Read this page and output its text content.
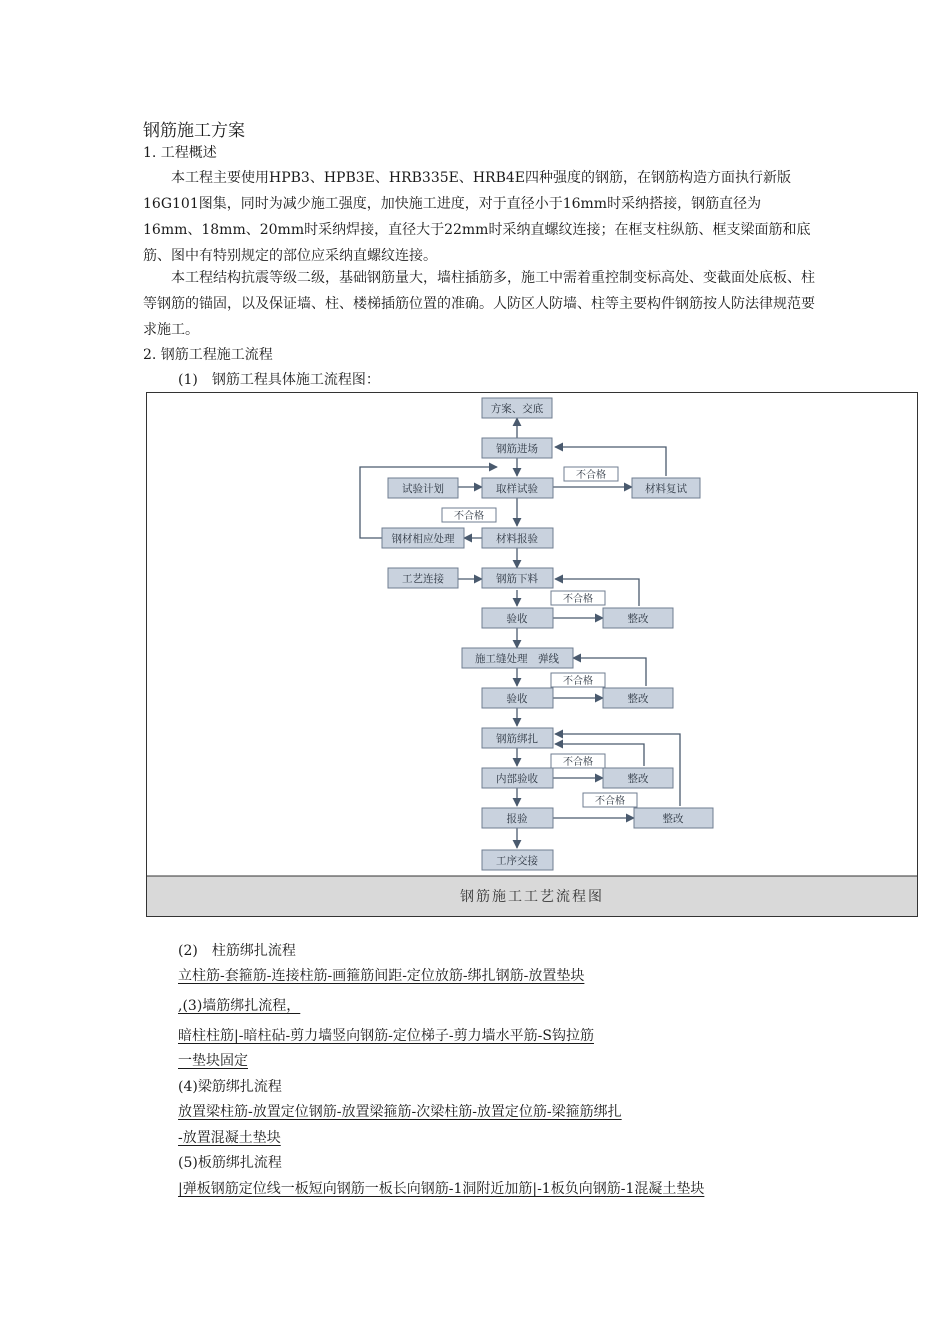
钢筋施工方案
1. 工程概述
　　本工程主要使用HPB3、HPB3E、HRB335E、HRB4E四种强度的钢筋，在钢筋构造方面执行新版16G101图集，同时为减少施工强度，加快施工进度，对于直径小于16mm时采纳搭接，钢筋直径为16mm、18mm、20mm时采纳焊接，直径大于22mm时采纳直螺纹连接；在框支柱纵筋、框支梁面筋和底筋、图中有特别规定的部位应采纳直螺纹连接。
　　本工程结构抗震等级二级，基础钢筋量大，墙柱插筋多，施工中需着重控制变标高处、变截面处底板、柱等钢筋的锚固，以及保证墙、柱、楼梯插筋位置的准确。人防区人防墙、柱等主要构件钢筋按人防法律规范要求施工。
2. 钢筋工程施工流程
(1)　钢筋工程具体施工流程图：
钢筋施工工艺流程图
方案、交底
钢筋进场
试验计划	取样试验	材料复试
钢材相应处理	材料报验
工艺连接	钢筋下料
验收	整改
施工缝处理　弹线
验收	整改
钢筋绑扎
内部验收	整改
报验	整改
工序交接
不合格
不合格
不合格
不合格
不合格
不合格
(2)　柱筋绑扎流程
立柱筋-套箍筋-连接柱筋-画箍筋间距-定位放筋-绑扎钢筋-放置垫块
,(3)墙筋绑扎流程，
暗柱柱筋|-暗柱砧-剪力墙竖向钢筋-定位梯子-剪力墙水平筋-S钩拉筋
一垫块固定
(4)梁筋绑扎流程
放置梁柱筋-放置定位钢筋-放置梁箍筋-次梁柱筋-放置定位筋-梁箍筋绑扎
-放置混凝土垫块
(5)板筋绑扎流程
|弹板钢筋定位线一板短向钢筋一板长向钢筋-1洞附近加筋|-1板负向钢筋-1混凝土垫块
